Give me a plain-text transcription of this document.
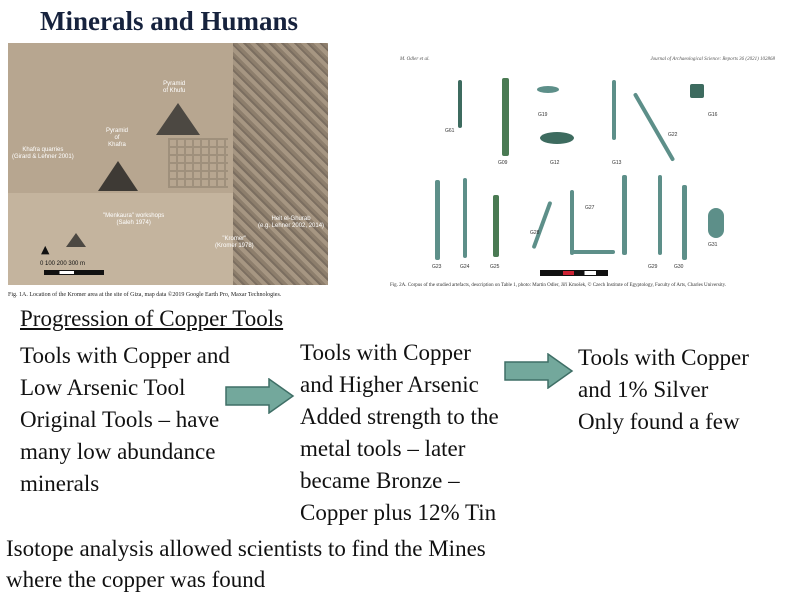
Minerals and Humans
Pyramid
of Khufu
Pyramid
of
Khafra
Khafra quarries
(Girard & Lehner 2001)
"Menkaura" workshops
(Saleh 1974)
Heit el-Ghurab
(e.g. Lehner 2002, 2014)
"Kromer"
(Kromer 1978)
▲
0 100 200 300 m
Fig. 1A. Location of the Kromer area at the site of Giza, map data ©2019 Google Earth Pro, Maxar Technologies.
M. Odler et al.	Journal of Archaeological Science: Reports 36 (2021) 102868
G61
G09
G19
G12	G13
G22
G16
G23	G24	G25
G27
G28
G29	G30
G31
Fig. 2A. Corpus of the studied artefacts, description on Table 1, photo: Martin Odler, Jiří Kmošek, © Czech Institute of Egyptology, Faculty of Arts, Charles University.
Progression of Copper Tools
Tools with Copper and
Low Arsenic Tool
Original Tools – have
many low abundance
minerals
Tools with Copper
and Higher Arsenic
Added strength to the
metal tools – later
became Bronze –
Copper plus 12% Tin
Tools with Copper
and 1% Silver
Only found a few
Isotope analysis allowed scientists to find the Mines
where the copper was found
